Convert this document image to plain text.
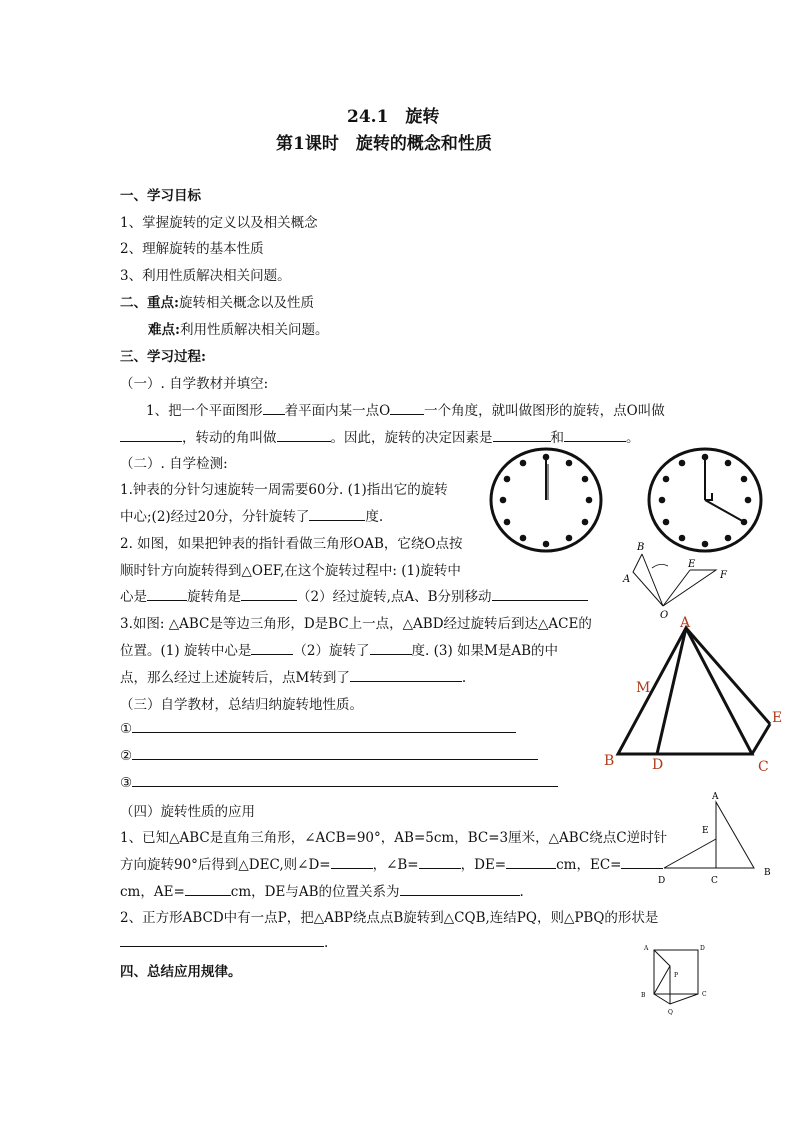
24.1　旋转
第1课时　旋转的概念和性质
一、学习目标
1、掌握旋转的定义以及相关概念
2、理解旋转的基本性质
3、利用性质解决相关问题。
二、重点:旋转相关概念以及性质
难点:利用性质解决相关问题。
三、学习过程:
（一）. 自学教材并填空:
1、把一个平面图形 着平面内某一点O	一个角度，就叫做图形的旋转，点O叫做
，转动的角叫做	。因此，旋转的决定因素是	和	。
（二）. 自学检测:
1.钟表的分针匀速旋转一周需要60分. (1)指出它的旋转
中心;(2)经过20分，分针旋转了	度.
2. 如图，如果把钟表的指针看做三角形OAB，它绕O点按
顺时针方向旋转得到△OEF,在这个旋转过程中: (1)旋转中
心是	旋转角是	（2）经过旋转,点A、B分别移动
3.如图: △ABC是等边三角形，D是BC上一点，△ABD经过旋转后到达△ACE的
位置。(1) 旋转中心是	（2）旋转了	度. (3) 如果M是AB的中
点，那么经过上述旋转后，点M转到了	.
（三）自学教材，总结归纳旋转地性质。
①
②
③
（四）旋转性质的应用
1、已知△ABC是直角三角形，∠ACB=90°，AB=5cm，BC=3厘米，△ABC绕点C逆时针
方向旋转90°后得到△DEC,则∠D=	，∠B=	，DE=	cm，EC=
cm，AE=	cm，DE与AB的位置关系为	.
2、正方形ABCD中有一点P，把△ABP绕点点B旋转到△CQB,连结PQ，则△PBQ的形状是
.
四、总结应用规律。
B
A
E
F
O A
M
E
B	D	C
A
E
D	C
B
A	D
P
B	C
Q
